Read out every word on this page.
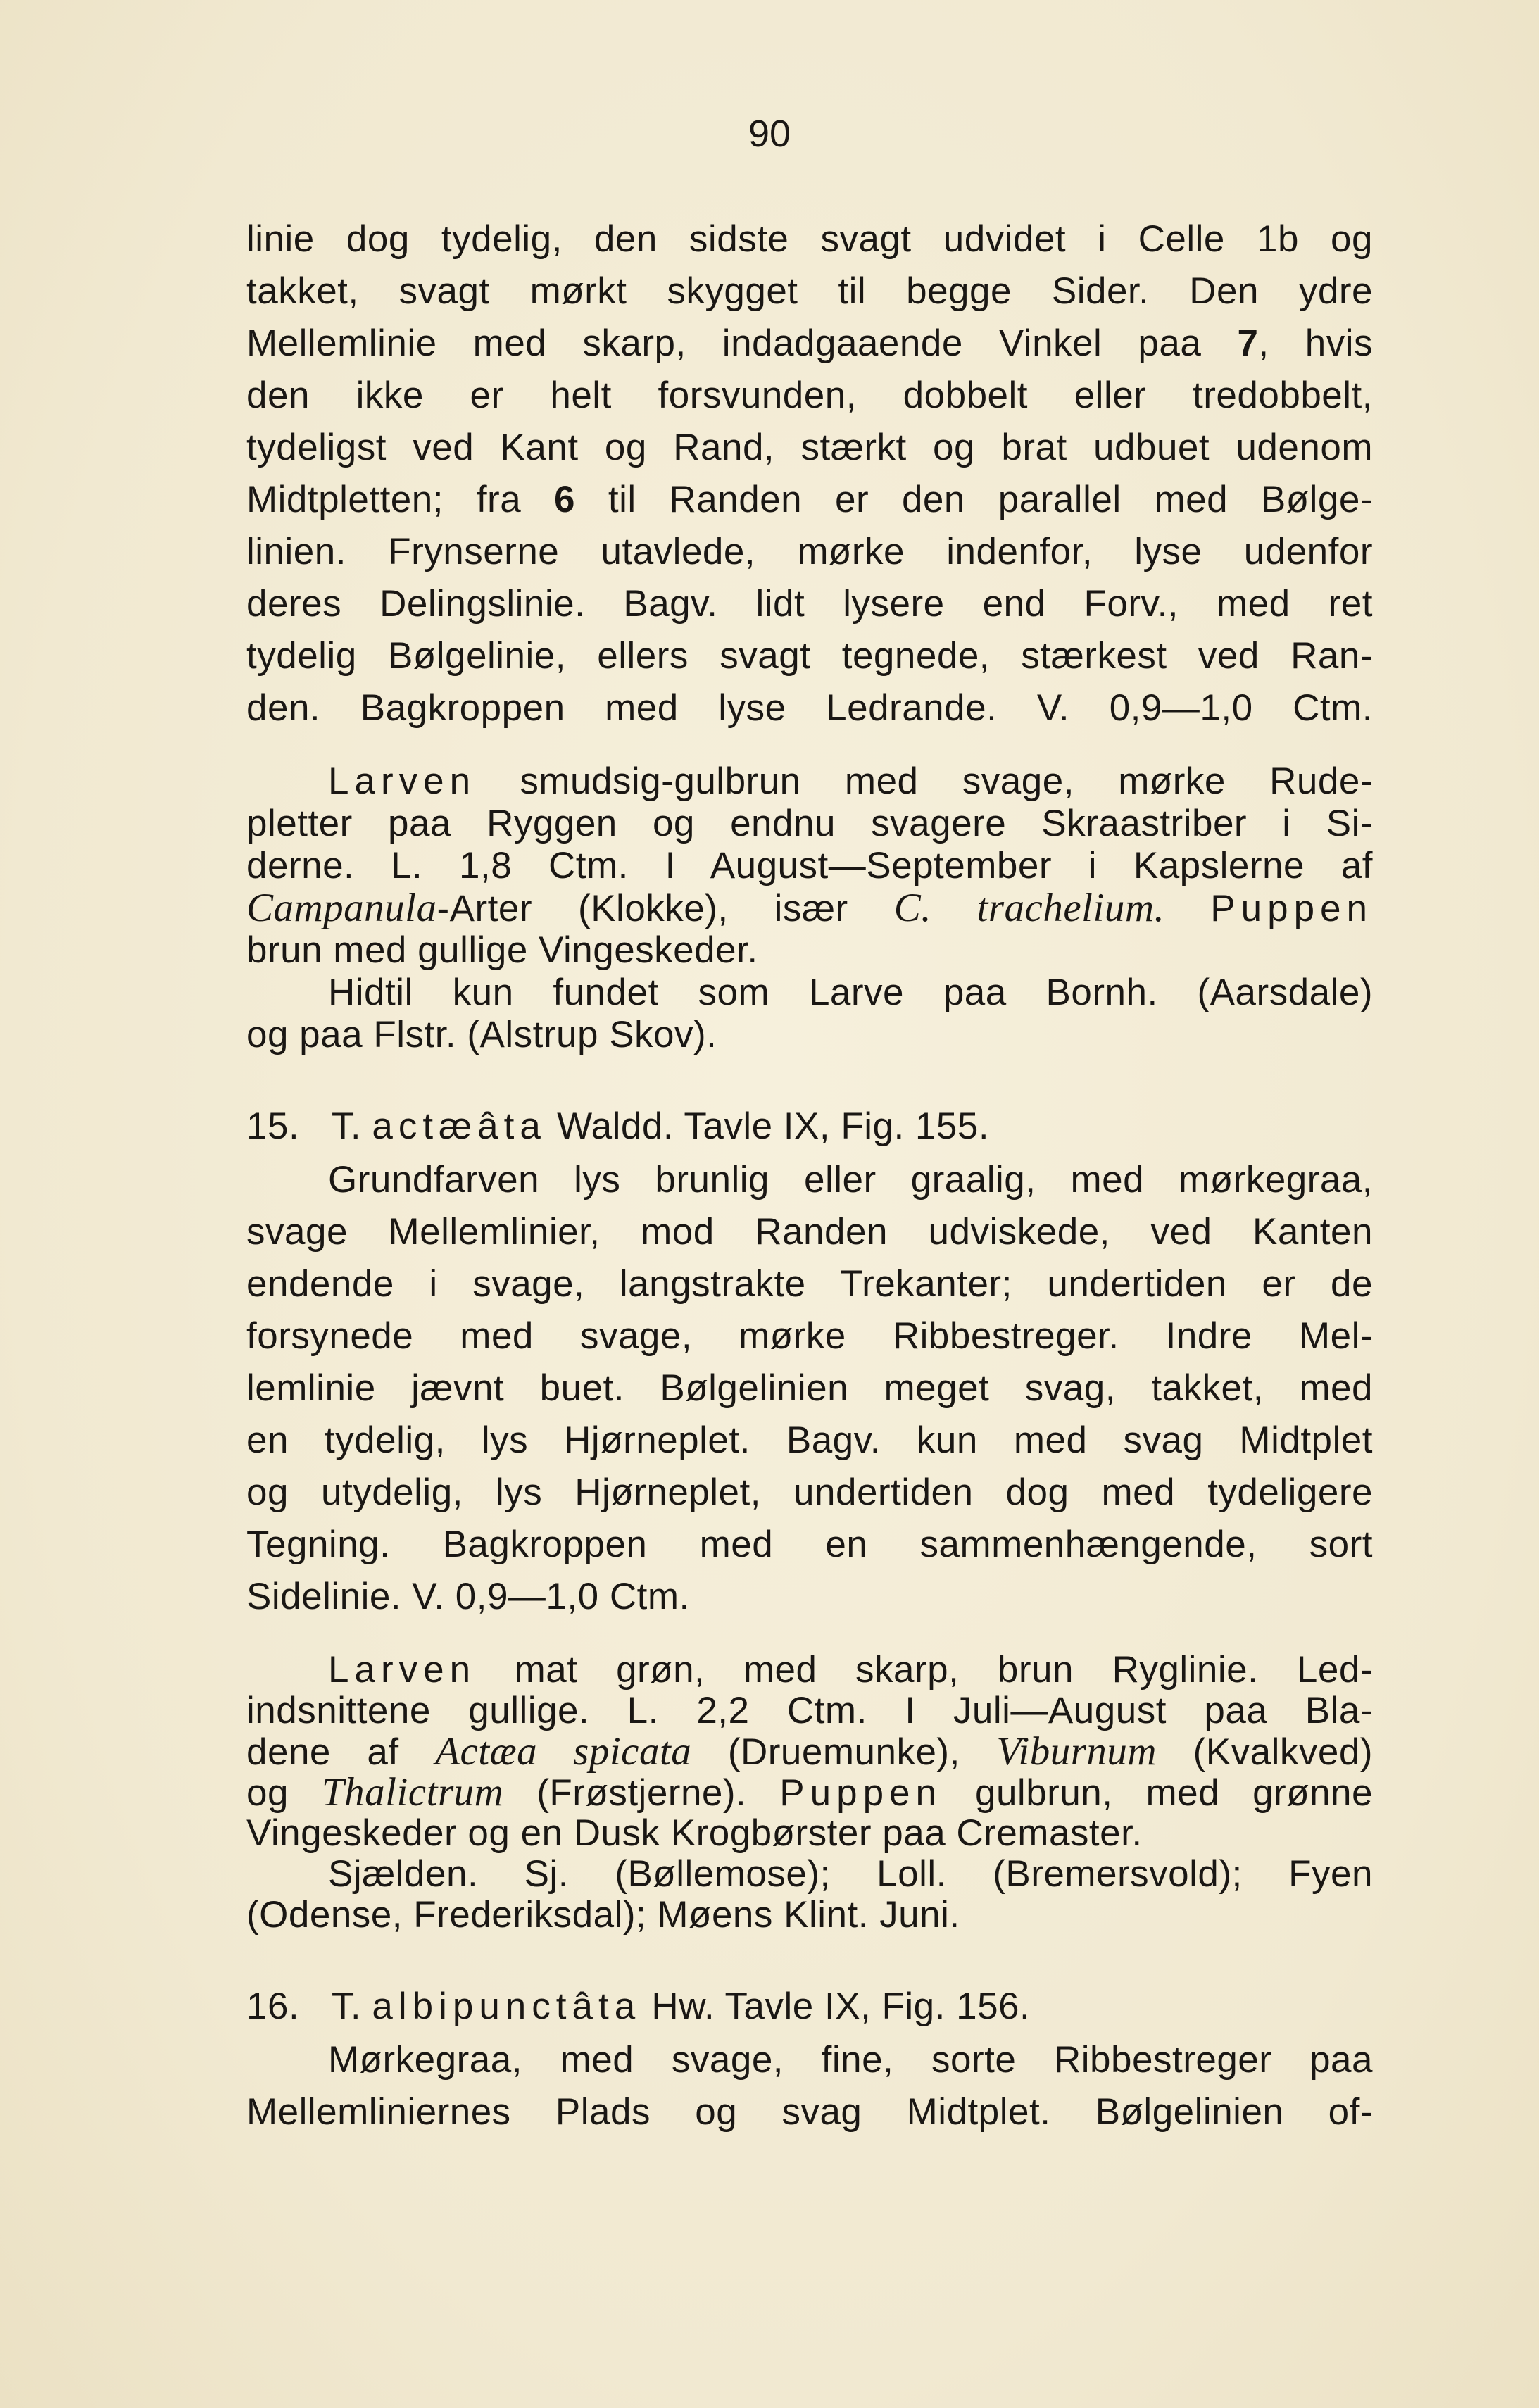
90
linie dog tydelig, den sidste svagt udvidet i Celle 1b og
takket, svagt mørkt skygget til begge Sider. Den ydre
Mellemlinie med skarp, indadgaaende Vinkel paa 7, hvis
den ikke er helt forsvunden, dobbelt eller tredobbelt,
tydeligst ved Kant og Rand, stærkt og brat udbuet udenom
Midtpletten; fra 6 til Randen er den parallel med Bølge-
linien. Frynserne utavlede, mørke indenfor, lyse udenfor
deres Delingslinie. Bagv. lidt lysere end Forv., med ret
tydelig Bølgelinie, ellers svagt tegnede, stærkest ved Ran-
den. Bagkroppen med lyse Ledrande. V. 0,9—1,0 Ctm.
Larven smudsig-gulbrun med svage, mørke Rude-
pletter paa Ryggen og endnu svagere Skraastriber i Si-
derne. L. 1,8 Ctm. I August—September i Kapslerne af
Campanula-Arter (Klokke), især C. trachelium. Puppen
brun med gullige Vingeskeder.
Hidtil kun fundet som Larve paa Bornh. (Aarsdale)
og paa Flstr. (Alstrup Skov).
15. T. actæâta Waldd. Tavle IX, Fig. 155.
Grundfarven lys brunlig eller graalig, med mørkegraa,
svage Mellemlinier, mod Randen udviskede, ved Kanten
endende i svage, langstrakte Trekanter; undertiden er de
forsynede med svage, mørke Ribbestreger. Indre Mel-
lemlinie jævnt buet. Bølgelinien meget svag, takket, med
en tydelig, lys Hjørneplet. Bagv. kun med svag Midtplet
og utydelig, lys Hjørneplet, undertiden dog med tydeligere
Tegning. Bagkroppen med en sammenhængende, sort
Sidelinie. V. 0,9—1,0 Ctm.
Larven mat grøn, med skarp, brun Ryglinie. Led-
indsnittene gullige. L. 2,2 Ctm. I Juli—August paa Bla-
dene af Actæa spicata (Druemunke), Viburnum (Kvalkved)
og Thalictrum (Frøstjerne). Puppen gulbrun, med grønne
Vingeskeder og en Dusk Krogbørster paa Cremaster.
Sjælden. Sj. (Bøllemose); Loll. (Bremersvold); Fyen
(Odense, Frederiksdal); Møens Klint. Juni.
16. T. albipunctâta Hw. Tavle IX, Fig. 156.
Mørkegraa, med svage, fine, sorte Ribbestreger paa
Mellemliniernes Plads og svag Midtplet. Bølgelinien of-
